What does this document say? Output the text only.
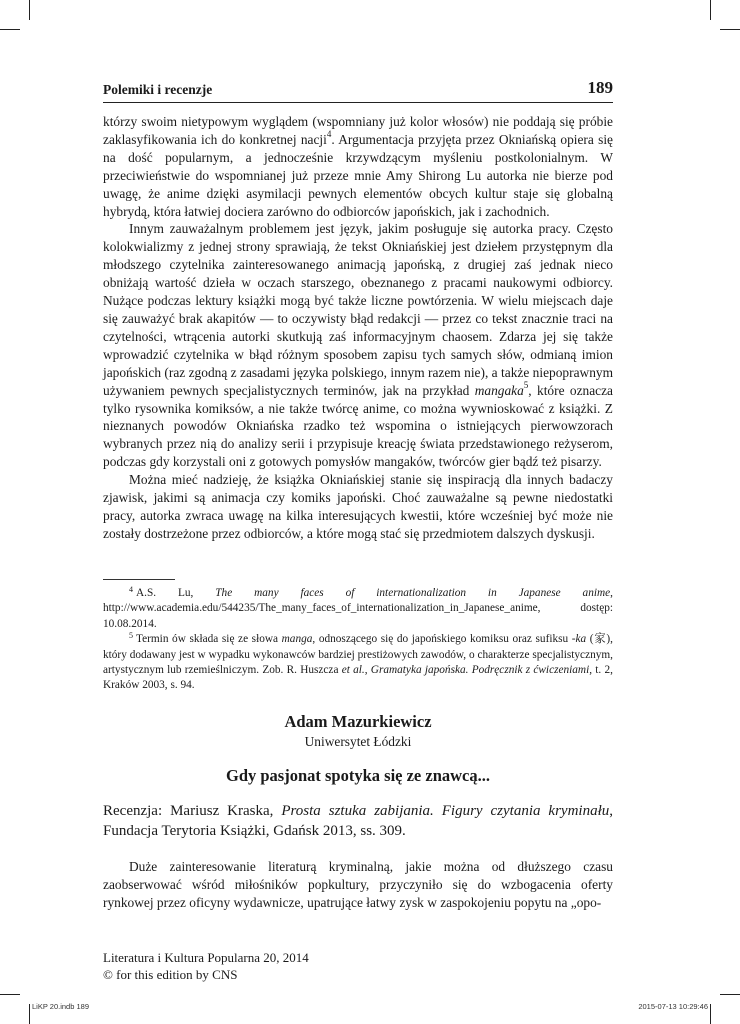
Polemiki i recenzje	189

którzy swoim nietypowym wyglądem (wspomniany już kolor włosów) nie poddają się próbie zaklasyfikowania ich do konkretnej nacji$^4$. Argumentacja przyjęta przez Okniańską opiera się na dość popularnym, a jednocześnie krzywdzącym myśleniu postkolonialnym. W przeciwieństwie do wspomnianej już przeze mnie Amy Shirong Lu autorka nie bierze pod uwagę, że anime dzięki asymilacji pewnych elementów obcych kultur staje się globalną hybrydą, która łatwiej dociera zarówno do odbiorców japońskich, jak i zachodnich.

Innym zauważalnym problemem jest język, jakim posługuje się autorka pracy. Często kolokwializmy z jednej strony sprawiają, że tekst Okniańskiej jest dziełem przystępnym dla młodszego czytelnika zainteresowanego animacją japońską, z drugiej zaś jednak nieco obniżają wartość dzieła w oczach starszego, obeznanego z pracami naukowymi odbiorcy. Nużące podczas lektury książki mogą być także liczne powtórzenia. W wielu miejscach daje się zauważyć brak akapitów — to oczywisty błąd redakcji — przez co tekst znacznie traci na czytelności, wtrącenia autorki skutkują zaś informacyjnym chaosem. Zdarza jej się także wprowadzić czytelnika w błąd różnym sposobem zapisu tych samych słów, odmianą imion japońskich (raz zgodną z zasadami języka polskiego, innym razem nie), a także niepoprawnym używaniem pewnych specjalistycznych terminów, jak na przykład mangaka$^5$, które oznacza tylko rysownika komiksów, a nie także twórcę anime, co można wywnioskować z książki. Z nieznanych powodów Okniańska rzadko też wspomina o istniejących pierwowzorach wybranych przez nią do analizy serii i przypisuje kreację świata przedstawionego reżyserom, podczas gdy korzystali oni z gotowych pomysłów mangaków, twórców gier bądź też pisarzy.

Można mieć nadzieję, że książka Okniańskiej stanie się inspiracją dla innych badaczy zjawisk, jakimi są animacja czy komiks japoński. Choć zauważalne są pewne niedostatki pracy, autorka zwraca uwagę na kilka interesujących kwestii, które wcześniej być może nie zostały dostrzeżone przez odbiorców, a które mogą stać się przedmiotem dalszych dyskusji.

$^4$ A.S. Lu, The many faces of internationalization in Japanese anime, http://www.academia.edu/544235/The_many_faces_of_internationalization_in_Japanese_anime, dostęp: 10.08.2014.

$^5$ Termin ów składa się ze słowa manga, odnoszącego się do japońskiego komiksu oraz sufiksu -ka (家), który dodawany jest w wypadku wykonawców bardziej prestiżowych zawodów, o charakterze specjalistycznym, artystycznym lub rzemieślniczym. Zob. R. Huszcza et al., Gramatyka japońska. Podręcznik z ćwiczeniami, t. 2, Kraków 2003, s. 94.

Adam Mazurkiewicz
Uniwersytet Łódzki
Gdy pasjonat spotyka się ze znawcą...
Recenzja: Mariusz Kraska, Prosta sztuka zabijania. Figury czytania kryminału, Fundacja Terytoria Książki, Gdańsk 2013, ss. 309.
Duże zainteresowanie literaturą kryminalną, jakie można od dłuższego czasu zaobserwować wśród miłośników popkultury, przyczyniło się do wzbogacenia oferty rynkowej przez oficyny wydawnicze, upatrujące łatwy zysk w zaspokojeniu popytu na „opo-
Literatura i Kultura Popularna 20, 2014
© for this edition by CNS
LiKP 20.indb 189	2015-07-13 10:29:46
